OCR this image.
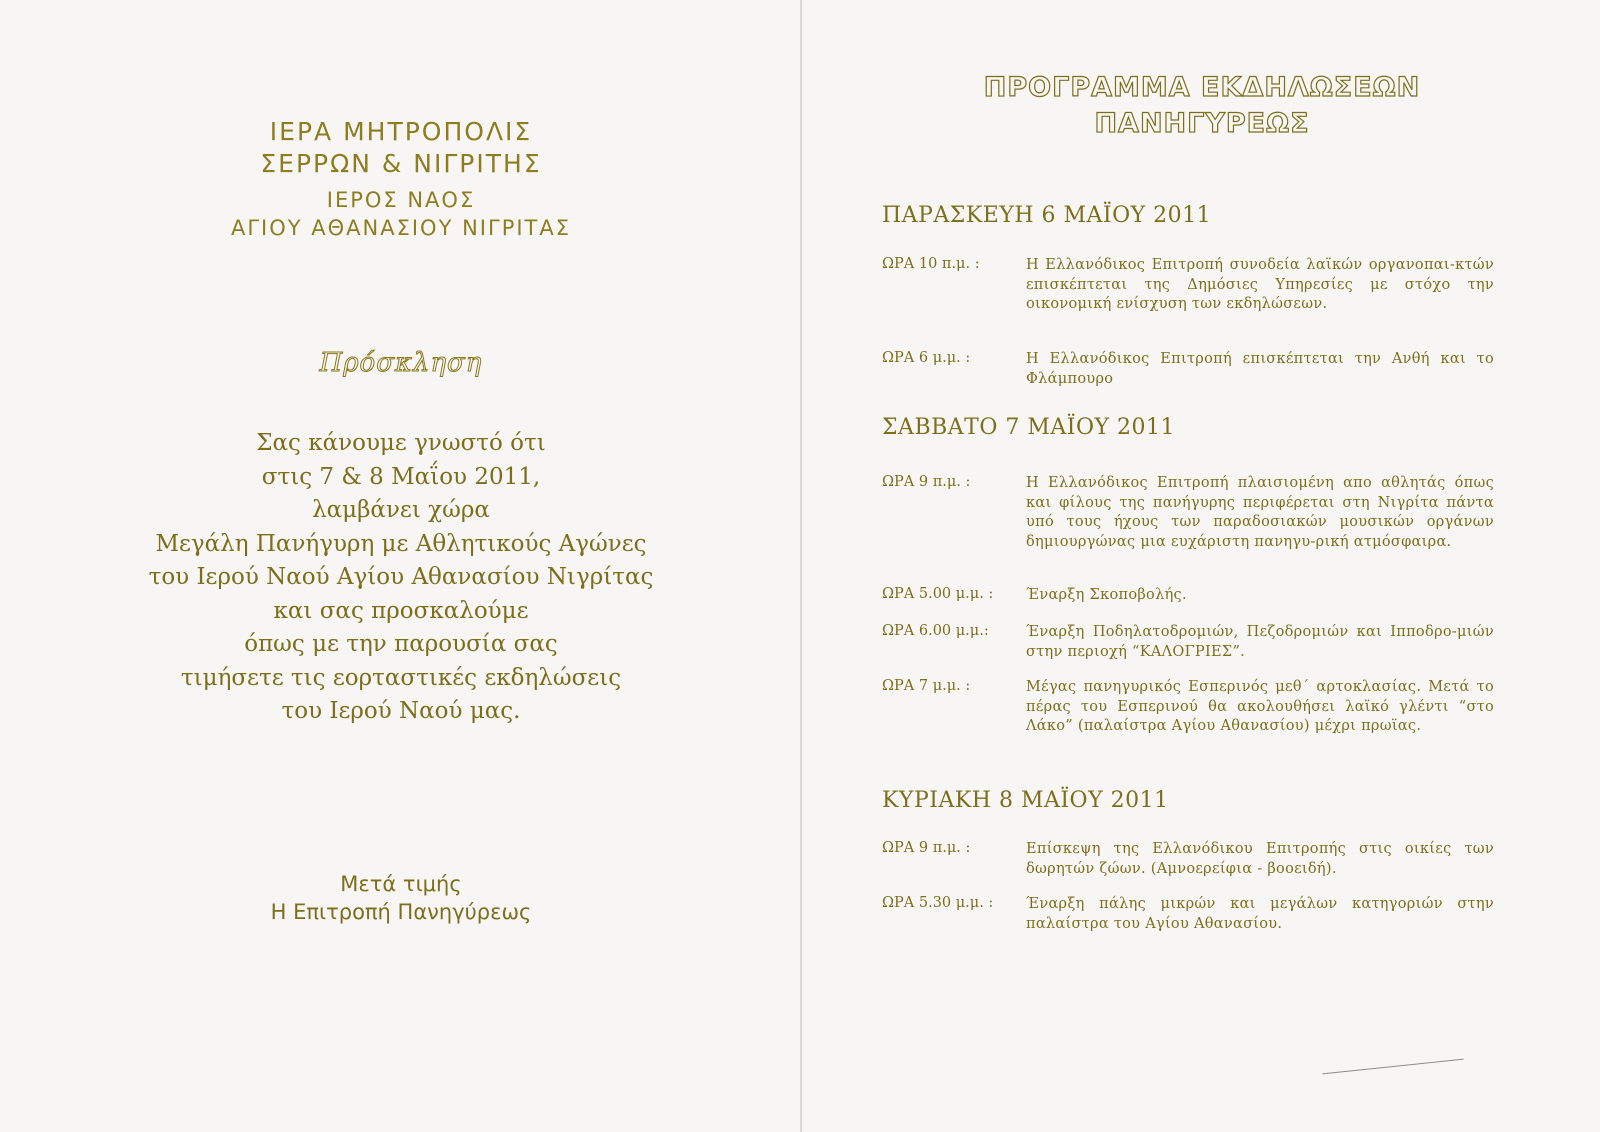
ΙΕΡΑ ΜΗΤΡΟΠΟΛΙΣ
ΣΕΡΡΩΝ & ΝΙΓΡΙΤΗΣ
ΙΕΡΟΣ ΝΑΟΣ
ΑΓΙΟΥ ΑΘΑΝΑΣΙΟΥ ΝΙΓΡΙΤΑΣ
Πρόσκληση
Σας κάνουμε γνωστό ότι
στις 7 & 8 Μαΐου 2011,
λαμβάνει χώρα
Μεγάλη Πανήγυρη με Αθλητικούς Αγώνες
του Ιερού Ναού Αγίου Αθανασίου Νιγρίτας
και σας προσκαλούμε
όπως με την παρουσία σας
τιμήσετε τις εορταστικές εκδηλώσεις
του Ιερού Ναού μας.
Μετά τιμής
Η Επιτροπή Πανηγύρεως
ΠΡΟΓΡΑΜΜΑ ΕΚΔΗΛΩΣΕΩΝ
ΠΑΝΗΓΥΡΕΩΣ
ΠΑΡΑΣΚΕΥΗ 6 ΜΑΪΟΥ 2011
ΩΡΑ 10 π.μ. :	Η Ελλανόδικος Επιτροπή συνοδεία λαϊκών οργανοπαι-κτών επισκέπτεται της Δημόσιες Υπηρεσίες με στόχο την οικονομική ενίσχυση των εκδηλώσεων.
ΩΡΑ 6 μ.μ. :	Η Ελλανόδικος Επιτροπή επισκέπτεται την Ανθή και το Φλάμπουρο
ΣΑΒΒΑΤΟ 7 ΜΑΪΟΥ 2011
ΩΡΑ 9 π.μ. :	Η Ελλανόδικος Επιτροπή πλαισιομένη απο αθλητάς όπως και φίλους της πανήγυρης περιφέρεται στη Νιγρίτα πάντα υπό τους ήχους των παραδοσιακών μουσικών οργάνων δημιουργώνας μια ευχάριστη πανηγυ-ρική ατμόσφαιρα.
ΩΡΑ 5.00 μ.μ. :	Έναρξη Σκοποβολής.
ΩΡΑ 6.00 μ.μ.:	Έναρξη Ποδηλατοδρομιών, Πεζοδρομιών και Ιπποδρο-μιών στην περιοχή “ΚΑΛΟΓΡΙΕΣ”.
ΩΡΑ 7 μ.μ. :	Μέγας πανηγυρικός Εσπερινός μεθ΄ αρτοκλασίας. Μετά το πέρας του Εσπερινού θα ακολουθήσει λαϊκό γλέντι “στο Λάκο” (παλαίστρα Αγίου Αθανασίου) μέχρι πρωϊας.
ΚΥΡΙΑΚΗ 8 ΜΑΪΟΥ 2011
ΩΡΑ 9 π.μ. :	Επίσκεψη της Ελλανόδικου Επιτροπής στις οικίες των δωρητών ζώων. (Αμνοερείφια - βοοειδή).
ΩΡΑ 5.30 μ.μ. :	Έναρξη πάλης μικρών και μεγάλων κατηγοριών στην παλαίστρα του Αγίου Αθανασίου.
